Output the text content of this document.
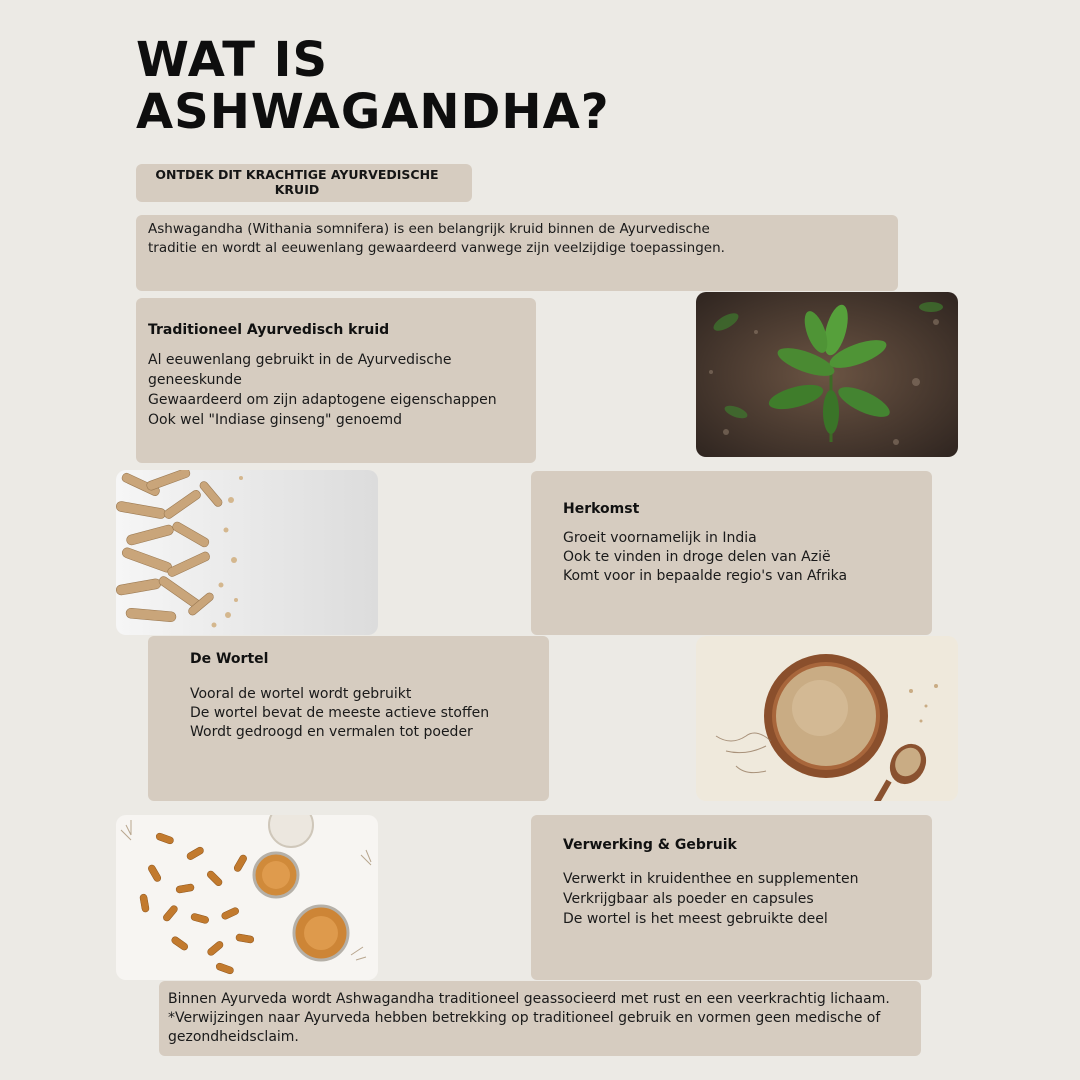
WAT IS
ASHWAGANDHA?
ONTDEK DIT KRACHTIGE AYURVEDISCHE KRUID

Ashwagandha (Withania somnifera) is een belangrijk kruid binnen de Ayurvedische traditie en wordt al eeuwenlang gewaardeerd vanwege zijn veelzijdige toepassingen.

Traditioneel Ayurvedisch kruid
Al eeuwenlang gebruikt in de Ayurvedische geneeskunde
Gewaardeerd om zijn adaptogene eigenschappen
Ook wel "Indiase ginseng" genoemd
Herkomst
Groeit voornamelijk in India
Ook te vinden in droge delen van Azië
Komt voor in bepaalde regio's van Afrika
De Wortel
Vooral de wortel wordt gebruikt
De wortel bevat de meeste actieve stoffen
Wordt gedroogd en vermalen tot poeder
Verwerking & Gebruik
Verwerkt in kruidenthee en supplementen
Verkrijgbaar als poeder en capsules
De wortel is het meest gebruikte deel

Binnen Ayurveda wordt Ashwagandha traditioneel geassocieerd met rust en een veerkrachtig lichaam. *Verwijzingen naar Ayurveda hebben betrekking op traditioneel gebruik en vormen geen medische of gezondheidsclaim.
